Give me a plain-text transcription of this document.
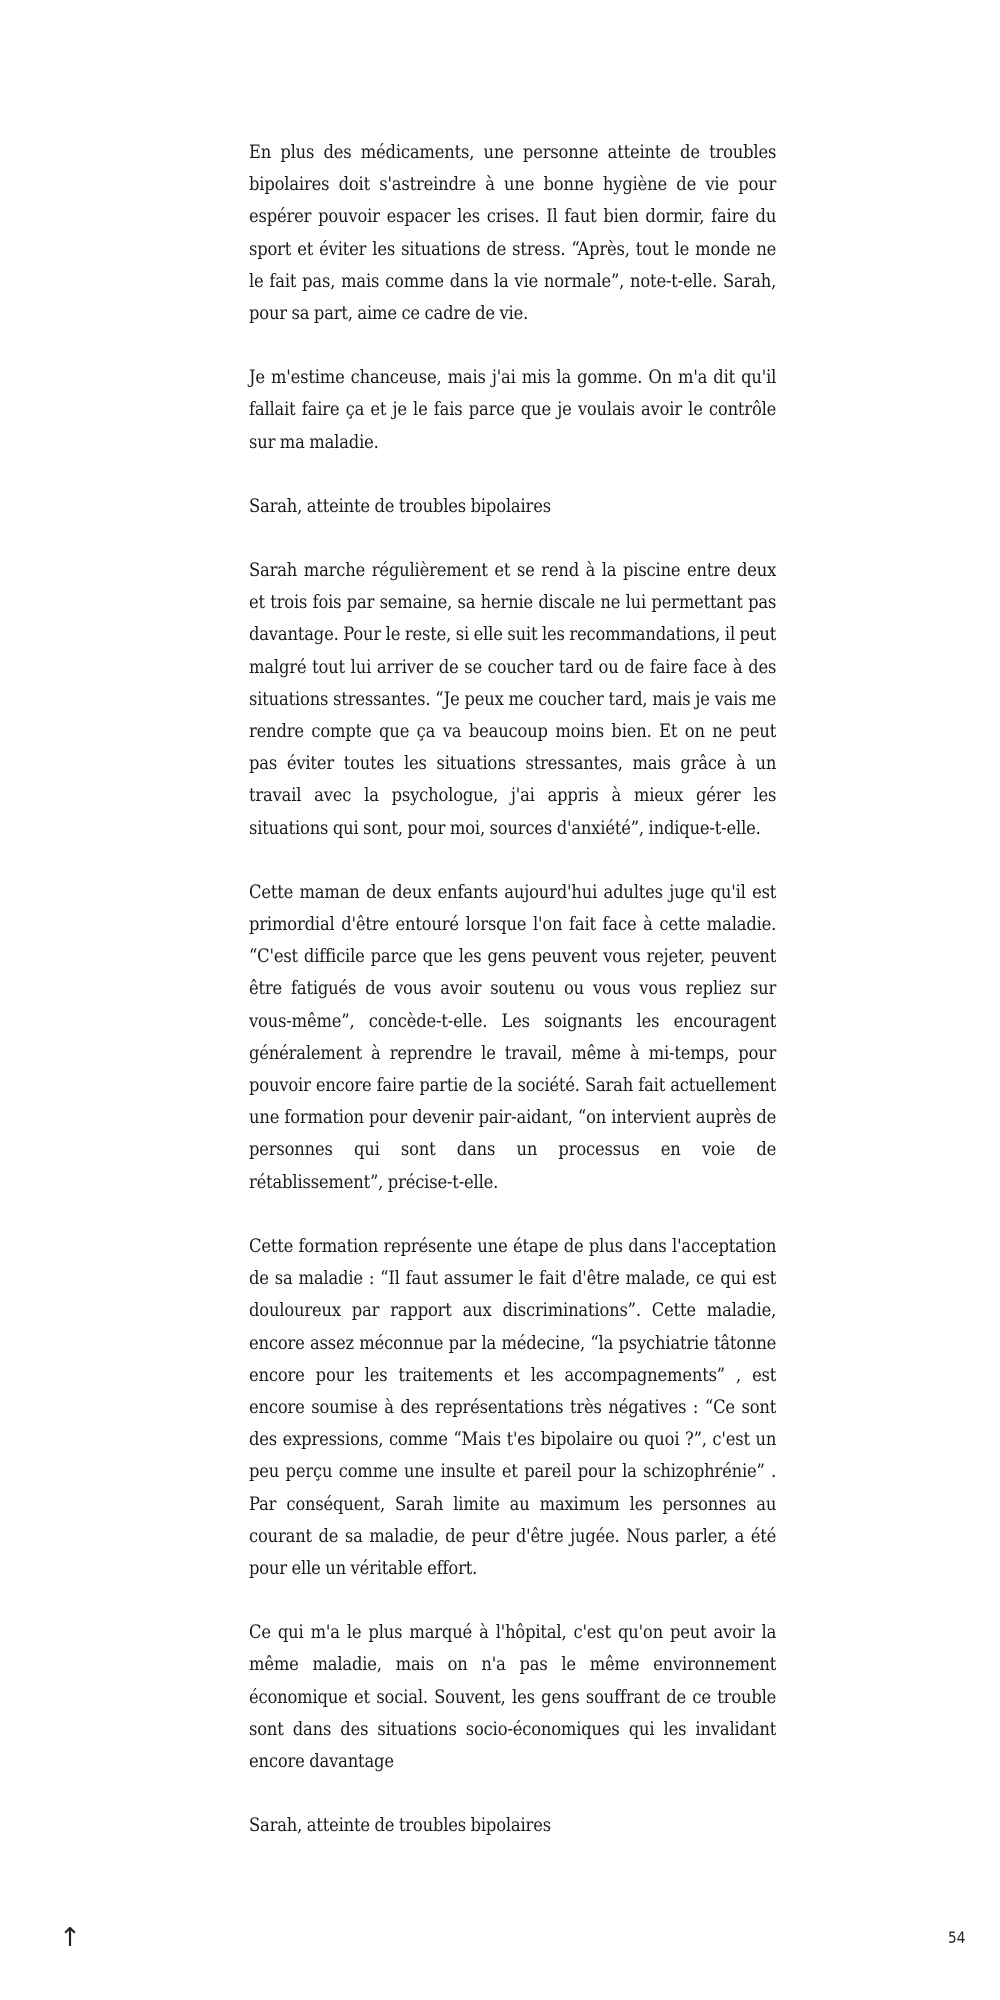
En plus des médicaments, une personne atteinte de troubles bipolaires doit s'astreindre à une bonne hygiène de vie pour espérer pouvoir espacer les crises. Il faut bien dormir, faire du sport et éviter les situations de stress. “Après, tout le monde ne le fait pas, mais comme dans la vie normale”, note-t-elle. Sarah, pour sa part, aime ce cadre de vie.

Je m'estime chanceuse, mais j'ai mis la gomme. On m'a dit qu'il fallait faire ça et je le fais parce que je voulais avoir le contrôle sur ma maladie.

Sarah, atteinte de troubles bipolaires

Sarah marche régulièrement et se rend à la piscine entre deux et trois fois par semaine, sa hernie discale ne lui permettant pas davantage. Pour le reste, si elle suit les recommandations, il peut malgré tout lui arriver de se coucher tard ou de faire face à des situations stressantes. “Je peux me coucher tard, mais je vais me rendre compte que ça va beaucoup moins bien. Et on ne peut pas éviter toutes les situations stressantes, mais grâce à un travail avec la psychologue, j'ai appris à mieux gérer les situations qui sont, pour moi, sources d'anxiété”, indique-t-elle.

Cette maman de deux enfants aujourd'hui adultes juge qu'il est primordial d'être entouré lorsque l'on fait face à cette maladie. “C'est difficile parce que les gens peuvent vous rejeter, peuvent être fatigués de vous avoir soutenu ou vous vous repliez sur vous-même”, concède-t-elle. Les soignants les encouragent généralement à reprendre le travail, même à mi-temps, pour pouvoir encore faire partie de la société. Sarah fait actuellement une formation pour devenir pair-aidant, “on intervient auprès de personnes qui sont dans un processus en voie de rétablissement”, précise-t-elle.

Cette formation représente une étape de plus dans l'acceptation de sa maladie : “Il faut assumer le fait d'être malade, ce qui est douloureux par rapport aux discriminations”. Cette maladie, encore assez méconnue par la médecine, “la psychiatrie tâtonne encore pour les traitements et les accompagnements” , est encore soumise à des représentations très négatives : “Ce sont des expressions, comme “Mais t'es bipolaire ou quoi ?”, c'est un peu perçu comme une insulte et pareil pour la schizophrénie” . Par conséquent, Sarah limite au maximum les personnes au courant de sa maladie, de peur d'être jugée. Nous parler, a été pour elle un véritable effort.

Ce qui m'a le plus marqué à l'hôpital, c'est qu'on peut avoir la même maladie, mais on n'a pas le même environnement économique et social. Souvent, les gens souffrant de ce trouble sont dans des situations socio-économiques qui les invalidant encore davantage

Sarah, atteinte de troubles bipolaires

↑	54
